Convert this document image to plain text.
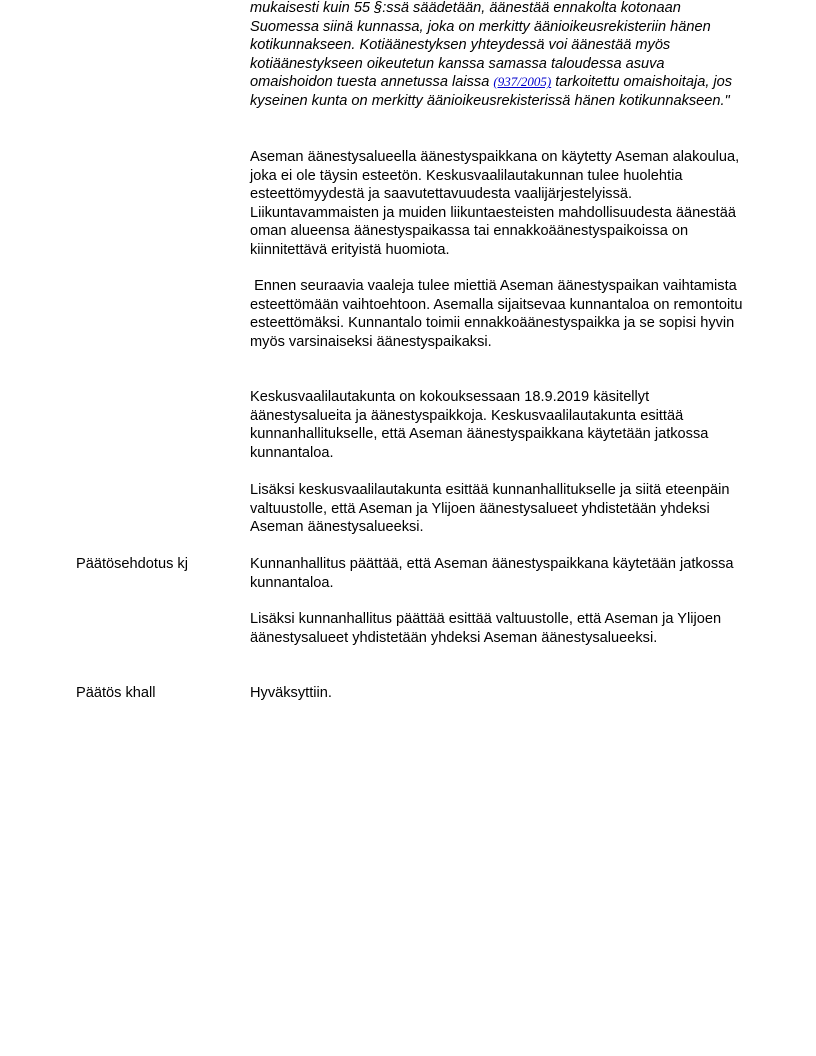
mukaisesti kuin 55 §:ssä säädetään, äänestää ennakolta kotonaan Suomessa siinä kunnassa, joka on merkitty äänioikeusrekisteriin hänen kotikunnakseen. Kotiäänestyksen yhteydessä voi äänestää myös kotiäänestykseen oikeutetun kanssa samassa taloudessa asuva omaishoidon tuesta annetussa laissa (937/2005) tarkoitettu omaishoitaja, jos kyseinen kunta on merkitty äänioikeusrekisterissä hänen kotikunnakseen."

Aseman äänestysalueella äänestyspaikkana on käytetty Aseman alakoulua, joka ei ole täysin esteetön. Keskusvaalilautakunnan tulee huolehtia esteettömyydestä ja saavutettavuudesta vaalijärjestelyissä. Liikuntavammaisten ja muiden liikuntaesteisten mahdollisuudesta äänestää oman alueensa äänestyspaikassa tai ennakkoäänestyspaikoissa on kiinnitettävä erityistä huomiota.

Ennen seuraavia vaaleja tulee miettiä Aseman äänestyspaikan vaihtamista esteettömään vaihtoehtoon. Asemalla sijaitsevaa kunnantaloa on remontoitu esteettömäksi. Kunnantalo toimii ennakkoäänestyspaikka ja se sopisi hyvin myös varsinaiseksi äänestyspaikaksi.

Keskusvaalilautakunta on kokouksessaan 18.9.2019 käsitellyt äänestysalueita ja äänestyspaikkoja. Keskusvaalilautakunta esittää kunnanhallitukselle, että Aseman äänestyspaikkana käytetään jatkossa kunnantaloa.

Lisäksi keskusvaalilautakunta esittää kunnanhallitukselle ja siitä eteenpäin valtuustolle, että Aseman ja Ylijoen äänestysalueet yhdistetään yhdeksi Aseman äänestysalueeksi.

Päätösehdotus kj	Kunnanhallitus päättää, että Aseman äänestyspaikkana käytetään jatkossa kunnantaloa.

Lisäksi kunnanhallitus päättää esittää valtuustolle, että Aseman ja Ylijoen äänestysalueet yhdistetään yhdeksi Aseman äänestysalueeksi.

Päätös khall	Hyväksyttiin.
